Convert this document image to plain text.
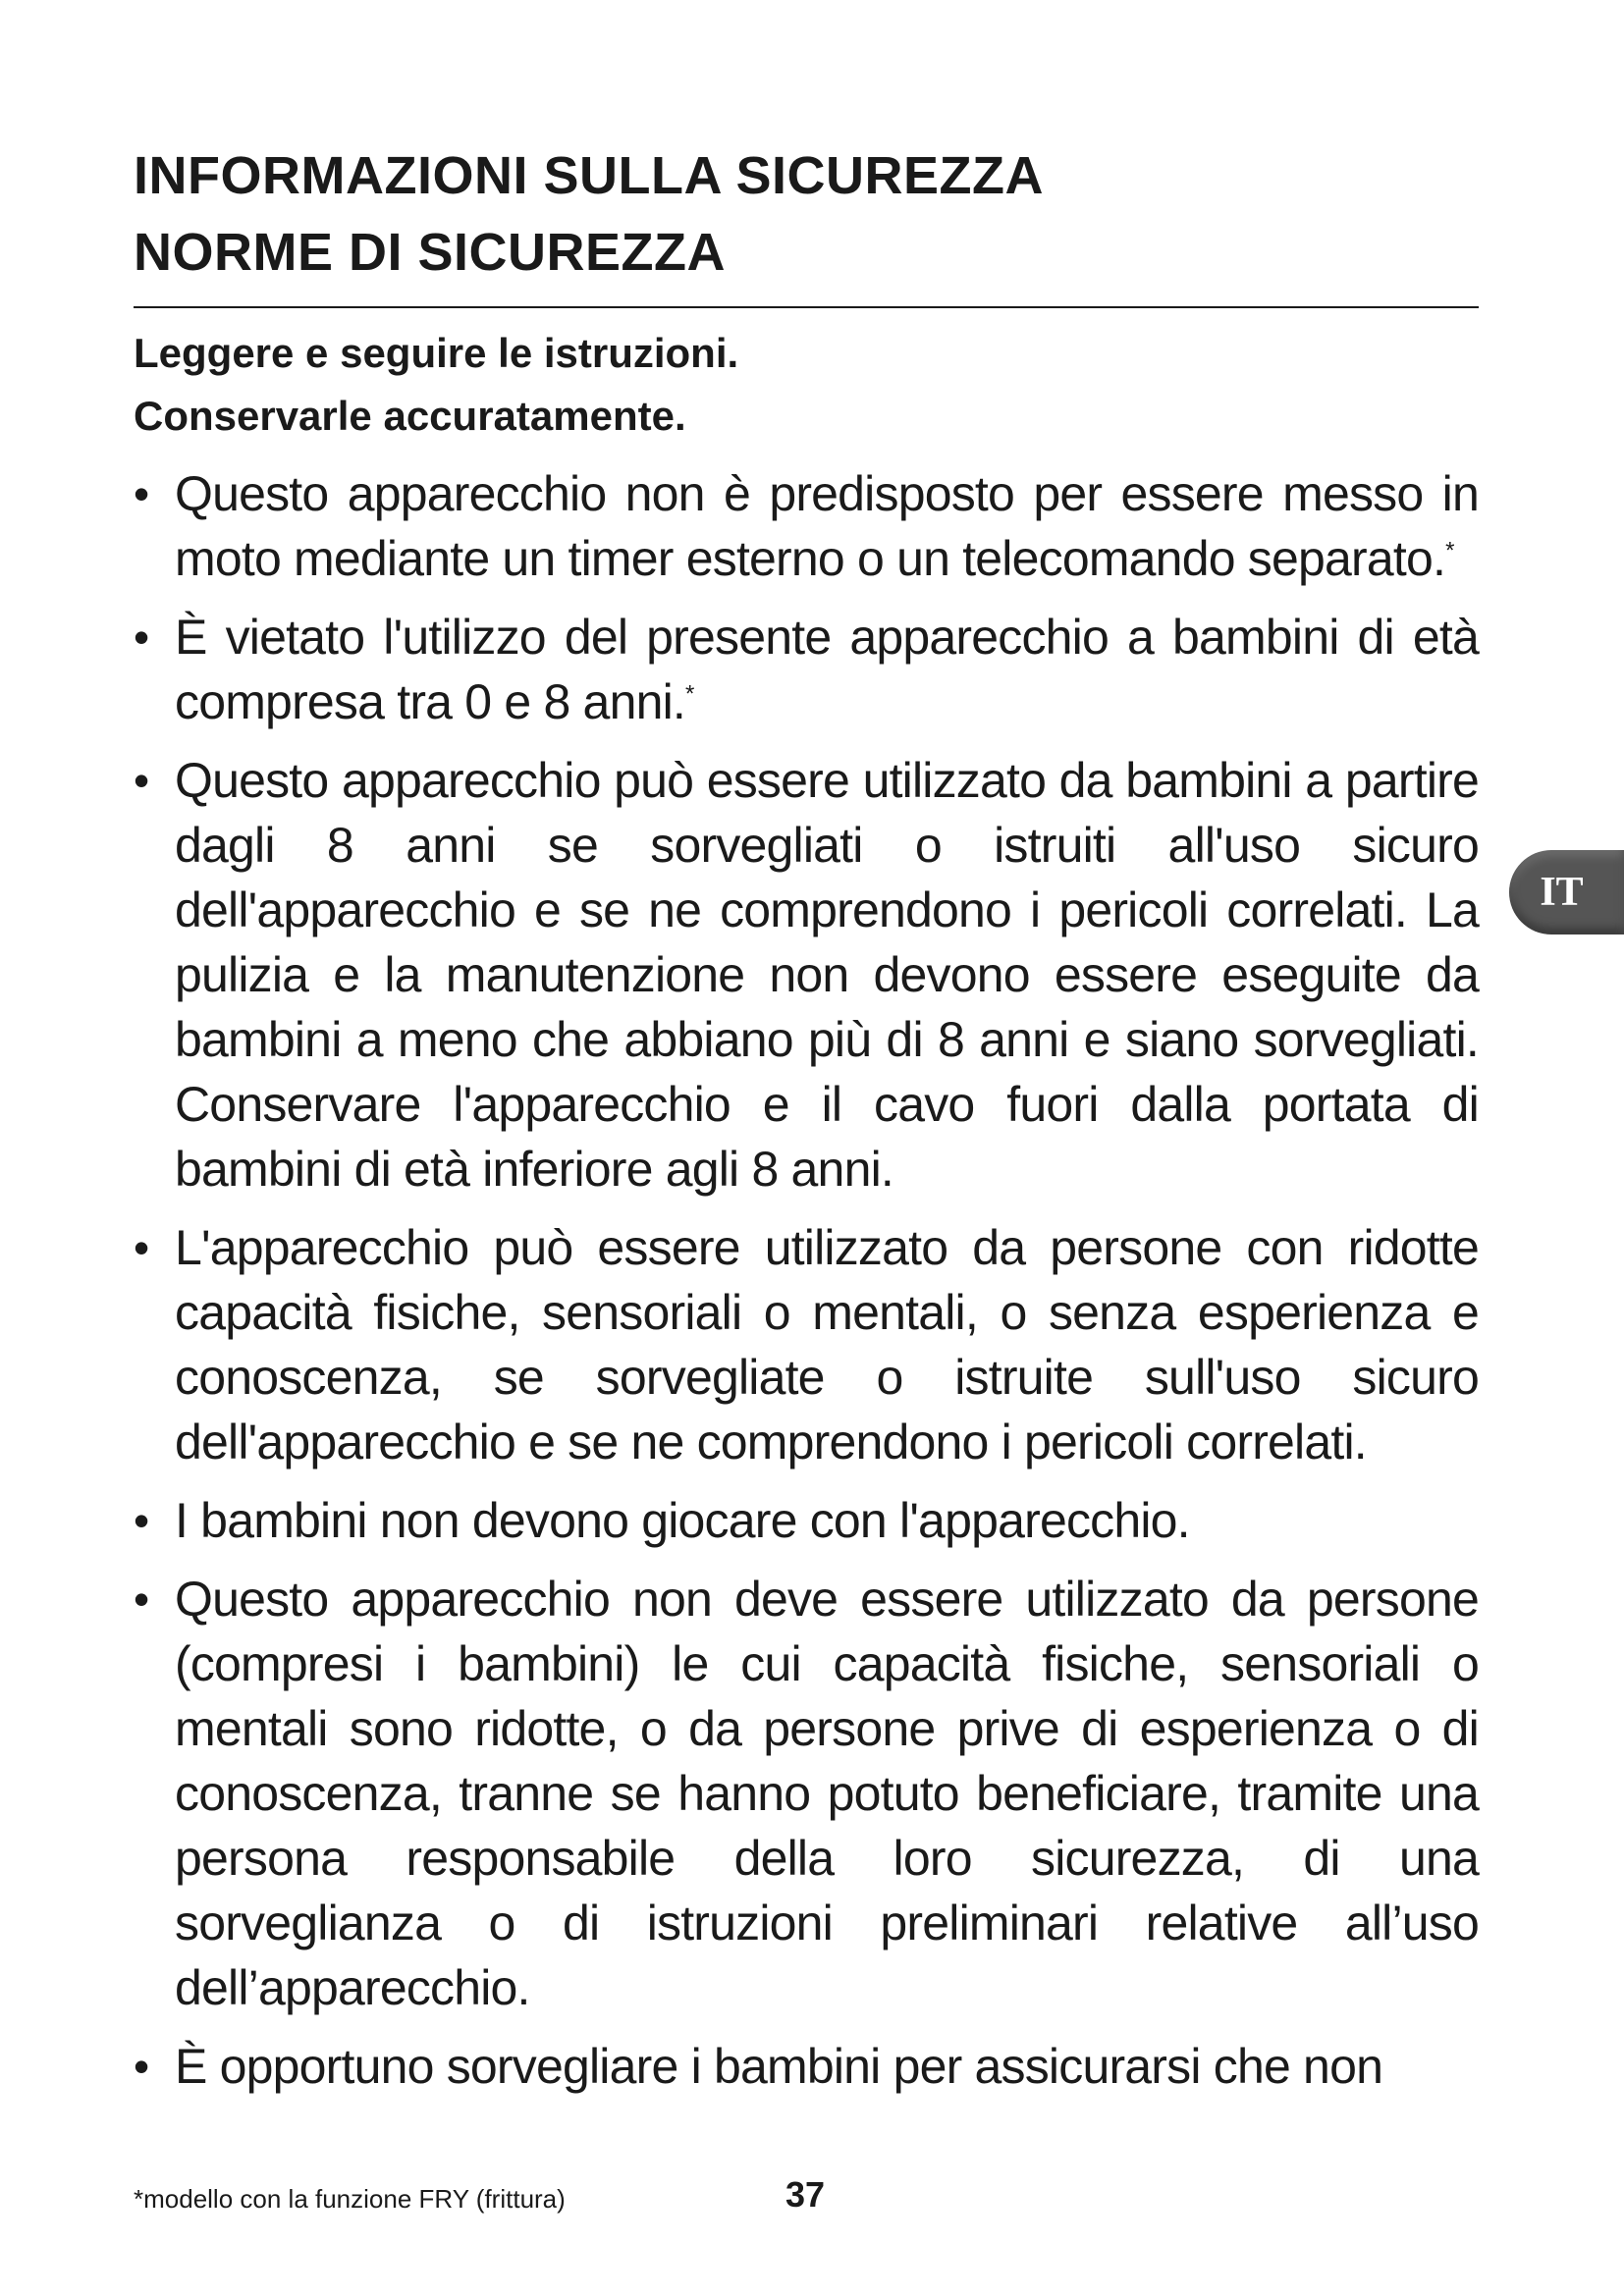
INFORMAZIONI SULLA SICUREZZA
NORME DI SICUREZZA
Leggere e seguire le istruzioni.
Conservarle accuratamente.
• Questo apparecchio non è predisposto per essere messo in moto mediante un timer esterno o un telecomando separato.*
• È vietato l'utilizzo del presente apparecchio a bambini di età compresa tra 0 e 8 anni.*
• Questo apparecchio può essere utilizzato da bambini a partire dagli 8 anni se sorvegliati o istruiti all'uso sicuro dell'apparecchio e se ne comprendono i pericoli correlati. La pulizia e la manutenzione non devono essere eseguite da bambini a meno che abbiano più di 8 anni e siano sorvegliati. Conservare l'apparecchio e il cavo fuori dalla portata di bambini di età inferiore agli 8 anni.
• L'apparecchio può essere utilizzato da persone con ridotte capacità fisiche, sensoriali o mentali, o senza esperienza e conoscenza, se sorvegliate o istruite sull'uso sicuro dell'apparecchio e se ne comprendono i pericoli correlati.
• I bambini non devono giocare con l'apparecchio.
• Questo apparecchio non deve essere utilizzato da persone (compresi i bambini) le cui capacità fisiche, sensoriali o mentali sono ridotte, o da persone prive di esperienza o di conoscenza, tranne se hanno potuto beneficiare, tramite una persona responsabile della loro sicurezza, di una sorveglianza o di istruzioni preliminari relative all’uso dell’apparecchio.
• È opportuno sorvegliare i bambini per assicurarsi che non
IT
*modello con la funzione FRY (frittura)	37
